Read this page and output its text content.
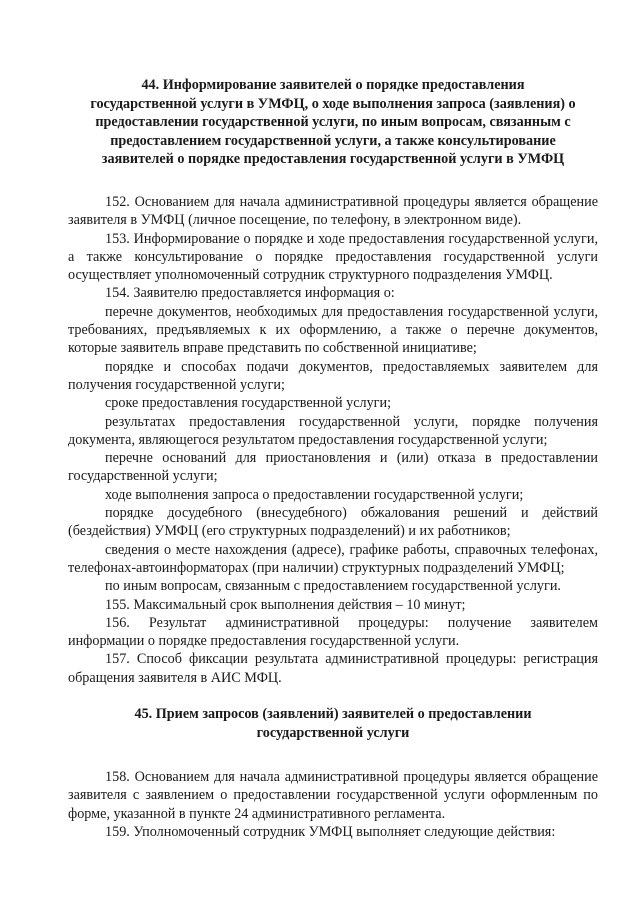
44. Информирование заявителей о порядке предоставления
государственной услуги в УМФЦ, о ходе выполнения запроса (заявления) о
предоставлении государственной услуги, по иным вопросам, связанным с
предоставлением государственной услуги, а также консультирование
заявителей о порядке предоставления государственной услуги в УМФЦ

152. Основанием для начала административной процедуры является обращение заявителя в УМФЦ (личное посещение, по телефону, в электронном виде).

153. Информирование о порядке и ходе предоставления государственной услуги, а также консультирование о порядке предоставления государственной услуги осуществляет уполномоченный сотрудник структурного подразделения УМФЦ.

154. Заявителю предоставляется информация о:

перечне документов, необходимых для предоставления государственной услуги, требованиях, предъявляемых к их оформлению, а также о перечне документов, которые заявитель вправе представить по собственной инициативе;

порядке и способах подачи документов, предоставляемых заявителем для получения государственной услуги;

сроке предоставления государственной услуги;

результатах предоставления государственной услуги, порядке получения документа, являющегося результатом предоставления государственной услуги;

перечне оснований для приостановления и (или) отказа в предоставлении государственной услуги;

ходе выполнения запроса о предоставлении государственной услуги;

порядке досудебного (внесудебного) обжалования решений и действий (бездействия) УМФЦ (его структурных подразделений) и их работников;

сведения о месте нахождения (адресе), графике работы, справочных телефонах, телефонах-автоинформаторах (при наличии) структурных подразделений УМФЦ;

по иным вопросам, связанным с предоставлением государственной услуги.

155. Максимальный срок выполнения действия – 10 минут;

156. Результат административной процедуры: получение заявителем информации о порядке предоставления государственной услуги.

157. Способ фиксации результата административной процедуры: регистрация обращения заявителя в АИС МФЦ.

45. Прием запросов (заявлений) заявителей о предоставлении
государственной услуги

158. Основанием для начала административной процедуры является обращение заявителя с заявлением о предоставлении государственной услуги оформленным по форме, указанной в пункте 24 административного регламента.

159. Уполномоченный сотрудник УМФЦ выполняет следующие действия:
